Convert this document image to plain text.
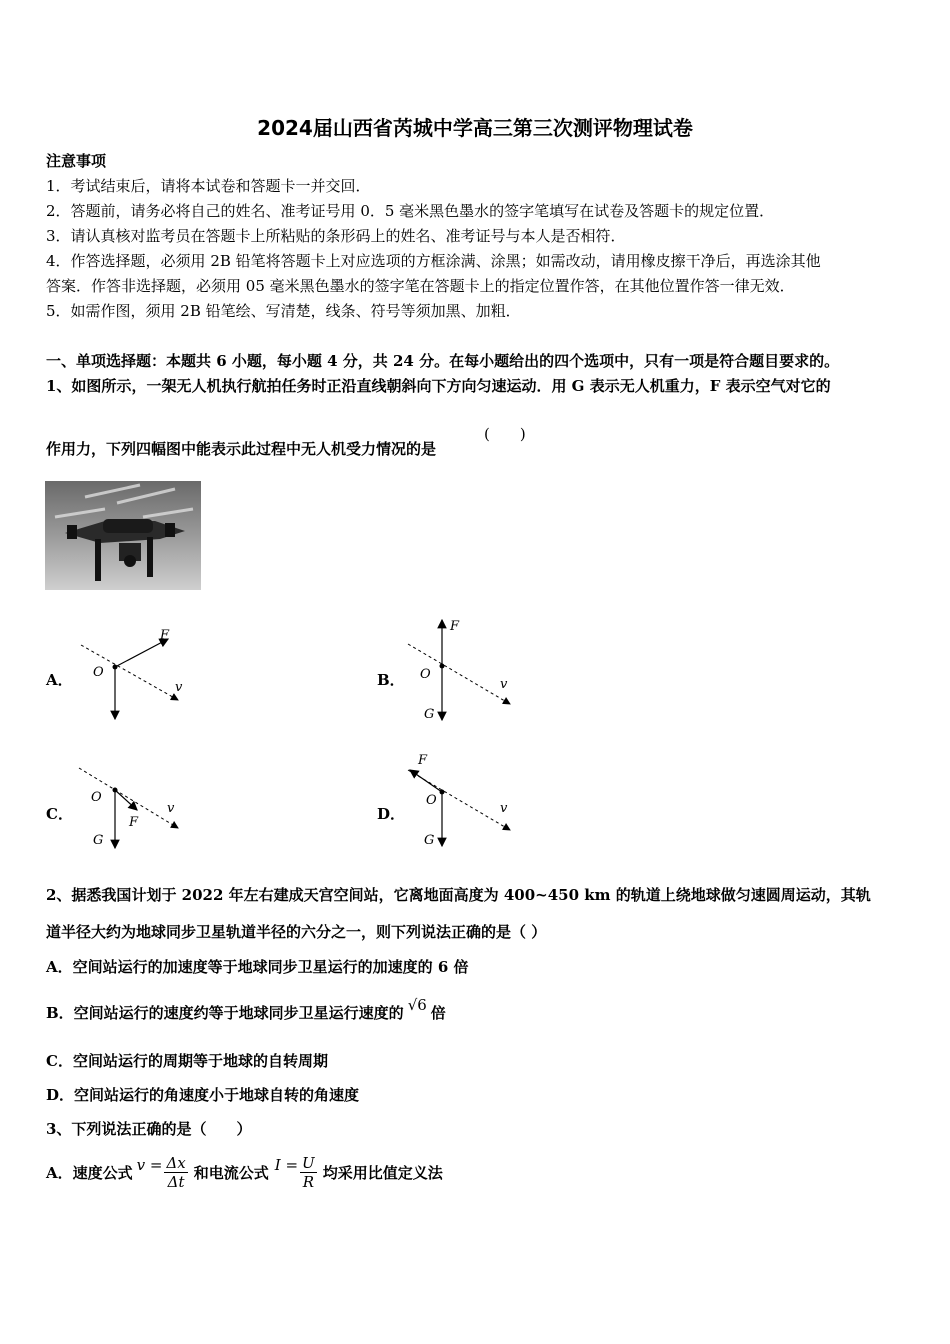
2024届山西省芮城中学高三第三次测评物理试卷
注意事项
1．考试结束后，请将本试卷和答题卡一并交回．
2．答题前，请务必将自己的姓名、准考证号用 0．5 毫米黑色墨水的签字笔填写在试卷及答题卡的规定位置．
3．请认真核对监考员在答题卡上所粘贴的条形码上的姓名、准考证号与本人是否相符．
4．作答选择题，必须用 2B 铅笔将答题卡上对应选项的方框涂满、涂黑；如需改动，请用橡皮擦干净后，再选涂其他
答案．作答非选择题，必须用 05 毫米黑色墨水的签字笔在答题卡上的指定位置作答，在其他位置作答一律无效．
5．如需作图，须用 2B 铅笔绘、写清楚，线条、符号等须加黑、加粗．
一、单项选择题：本题共 6 小题，每小题 4 分，共 24 分。在每小题给出的四个选项中，只有一项是符合题目要求的。
1、如图所示，一架无人机执行航拍任务时正沿直线朝斜向下方向匀速运动．用 G 表示无人机重力，F 表示空气对它的
作用力，下列四幅图中能表示此过程中无人机受力情况的是
(　　)
A．
F
O
v	B．
F
O
G
v
C．
O
F
G
v	D．
F
O
G
v
2、据悉我国计划于 2022 年左右建成天宫空间站，它离地面高度为 400~450 km 的轨道上绕地球做匀速圆周运动，其轨
道半径大约为地球同步卫星轨道半径的六分之一，则下列说法正确的是（ ）
A．空间站运行的加速度等于地球同步卫星运行的加速度的 6 倍
B．空间站运行的速度约等于地球同步卫星运行速度的 √6 倍
C．空间站运行的周期等于地球的自转周期
D．空间站运行的角速度小于地球自转的角速度
3、下列说法正确的是（　　）
A．速度公式 $v = \frac{\Delta x}{\Delta t}$ 和电流公式 $I = \frac{U}{R}$ 均采用比值定义法
